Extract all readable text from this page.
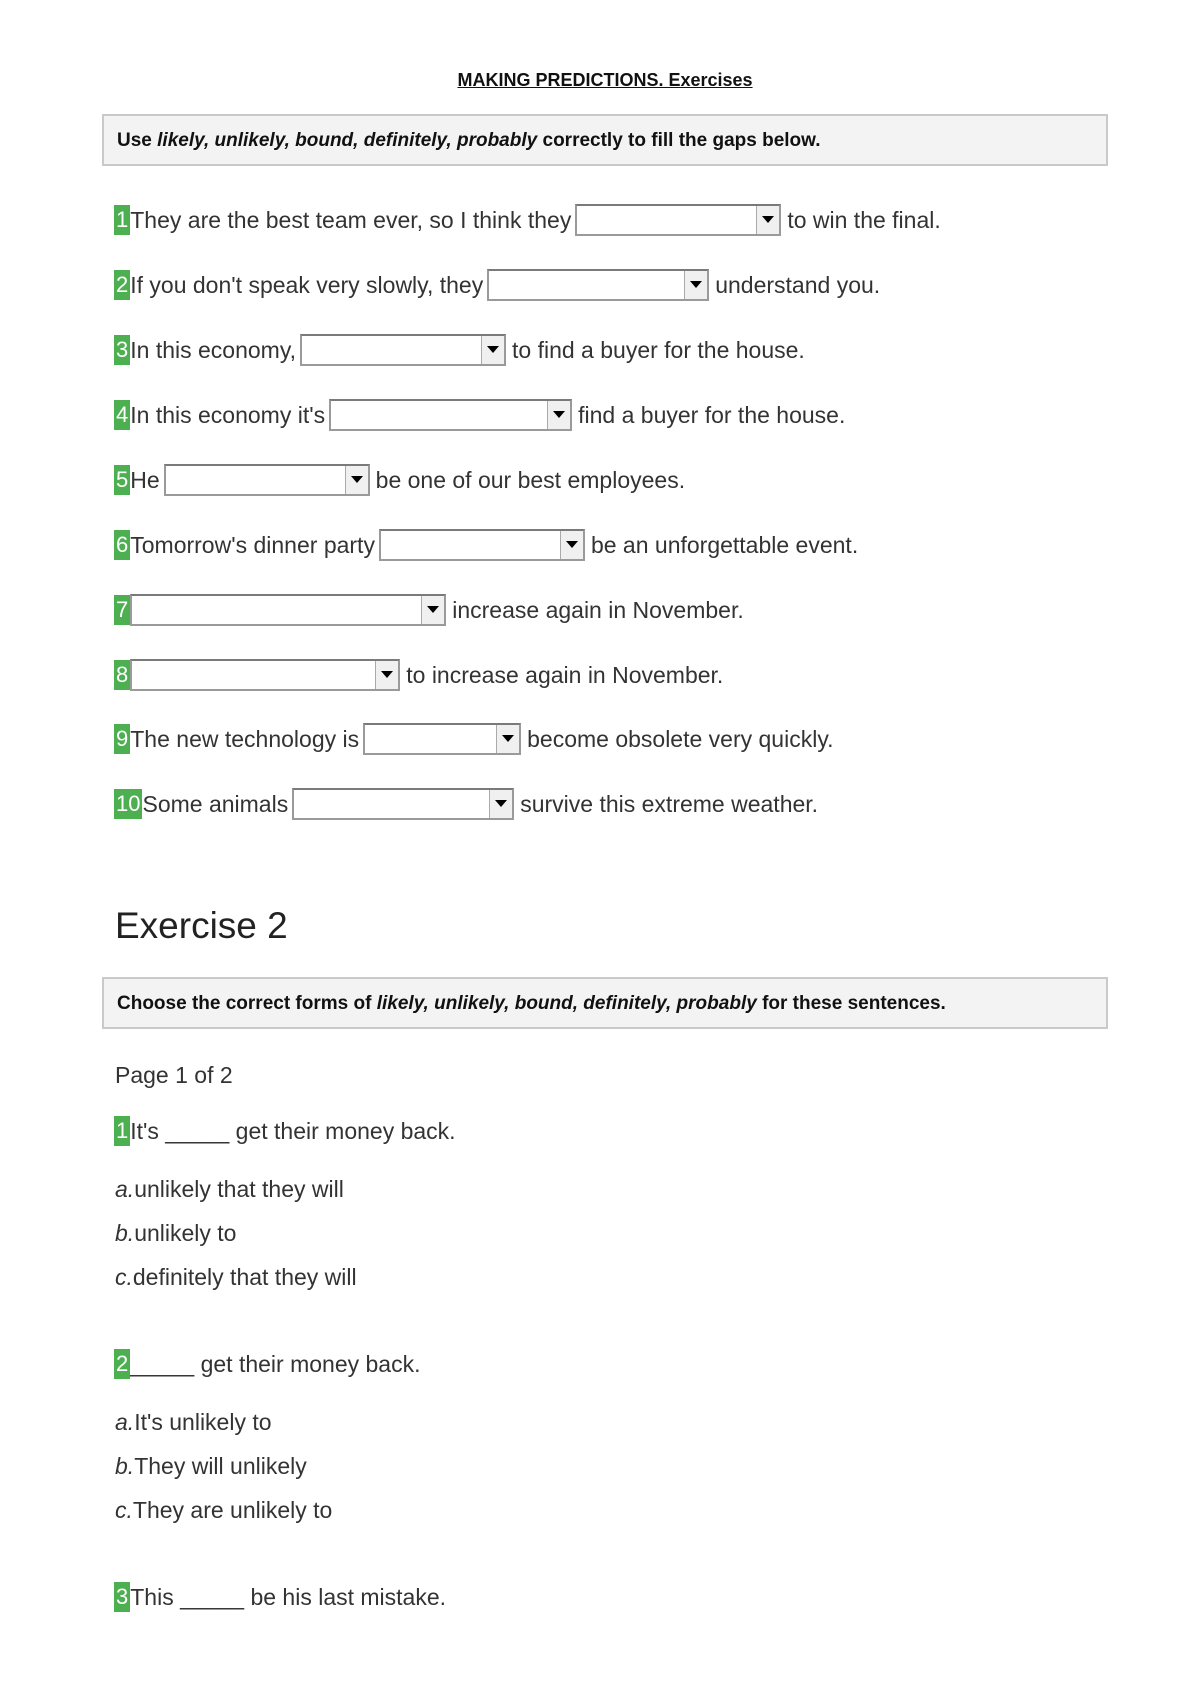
MAKING PREDICTIONS. Exercises
Use likely, unlikely, bound, definitely, probably correctly to fill the gaps below.
1 They are the best team ever, so I think they	to win the final.
2 If you don't speak very slowly, they	understand you.
3 In this economy,	to find a buyer for the house.
4 In this economy it's	find a buyer for the house.
5 He	be one of our best employees.
6 Tomorrow's dinner party	be an unforgettable event.
7	increase again in November.
8	to increase again in November.
9 The new technology is	become obsolete very quickly.
10 Some animals	survive this extreme weather.
Exercise 2
Choose the correct forms of likely, unlikely, bound, definitely, probably for these sentences.
Page 1 of 2
1 It's _____ get their money back.
a.unlikely that they will
b.unlikely to
c.definitely that they will
2 _____ get their money back.
a.It's unlikely to
b.They will unlikely
c.They are unlikely to
3 This _____ be his last mistake.
